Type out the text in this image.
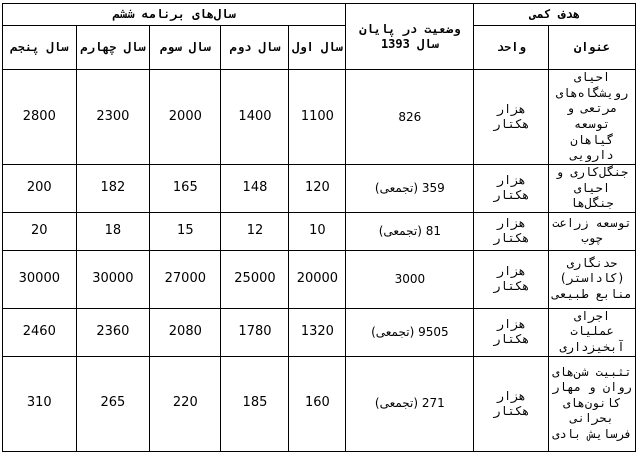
هدف کمی		وضعیت در پایان سال 1393	سال‌های برنامه ششم				
عنوان	واحد		سال اول	سال دوم	سال سوم	سال چهارم	سال پنجم
احیای رویشگاه‌های مرتعی و توسعه گیاهان دارویی	هزار هکتار	826	1100	1400	2000	2300	2800
جنگل‌کاری و احیای جنگل‌ها	هزار هکتار	359 (تجمعی)	120	148	165	182	200
توسعه زراعت چوب	هزار هکتار	81 (تجمعی)	10	12	15	18	20
حدنگاری (کاداستر) منابع طبیعی	هزار هکتار	3000	20000	25000	27000	30000	30000
اجرای عملیات آبخیزداری	هزار هکتار	9505 (تجمعی)	1320	1780	2080	2360	2460
تثبیت شن‌های روان و مهار کانون‌های بحرانی فرسایش بادی	هزار هکتار	271 (تجمعی)	160	185	220	265	310
